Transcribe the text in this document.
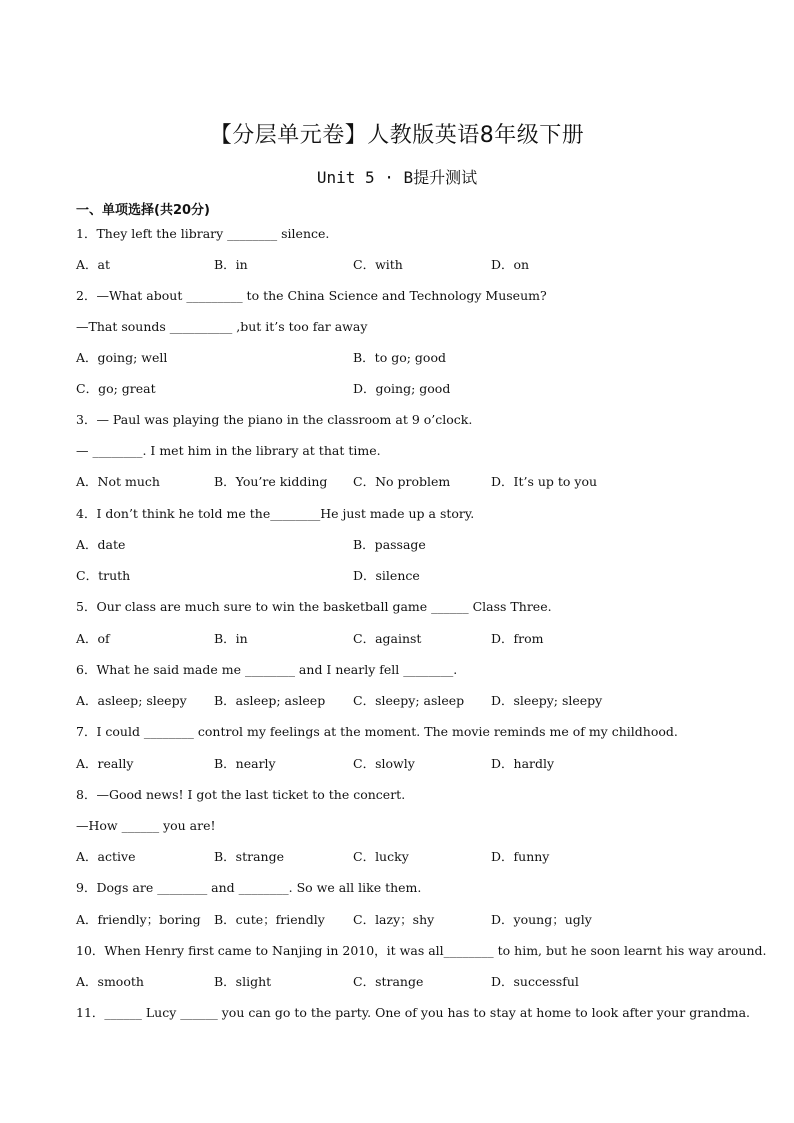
【分层单元卷】人教版英语8年级下册
Unit 5 · B提升测试
一、单项选择(共20分)
1．They left the library ________ silence.
A．at	B．in	C．with	D．on
2．—What about _________ to the China Science and Technology Museum?
—That sounds __________ ,but it’s too far away
A．going; well	B．to go; good
C．go; great	D．going; good
3．— Paul was playing the piano in the classroom at 9 o’clock.
— ________. I met him in the library at that time.
A．Not much	B．You’re kidding C．No problem	D．It’s up to you
4．I don’t think he told me the________He just made up a story.
A．date	B．passage
C．truth	D．silence
5．Our class are much sure to win the basketball game ______ Class Three.
A．of	B．in	C．against	D．from
6．What he said made me ________ and I nearly fell ________.
A．asleep; sleepy B．asleep; asleep C．sleepy; asleep D．sleepy; sleepy
7．I could ________ control my feelings at the moment. The movie reminds me of my childhood.
A．really	B．nearly	C．slowly	D．hardly
8．—Good news! I got the last ticket to the concert.
—How ______ you are!
A．active	B．strange	C．lucky	D．funny
9．Dogs are ________ and ________. So we all like them.
A．friendly；boring B．cute；friendly C．lazy；shy	D．young；ugly
10．When Henry first came to Nanjing in 2010，it was all________ to him, but he soon learnt his way around.
A．smooth	B．slight	C．strange	D．successful
11．______ Lucy ______ you can go to the party. One of you has to stay at home to look after your grandma.
